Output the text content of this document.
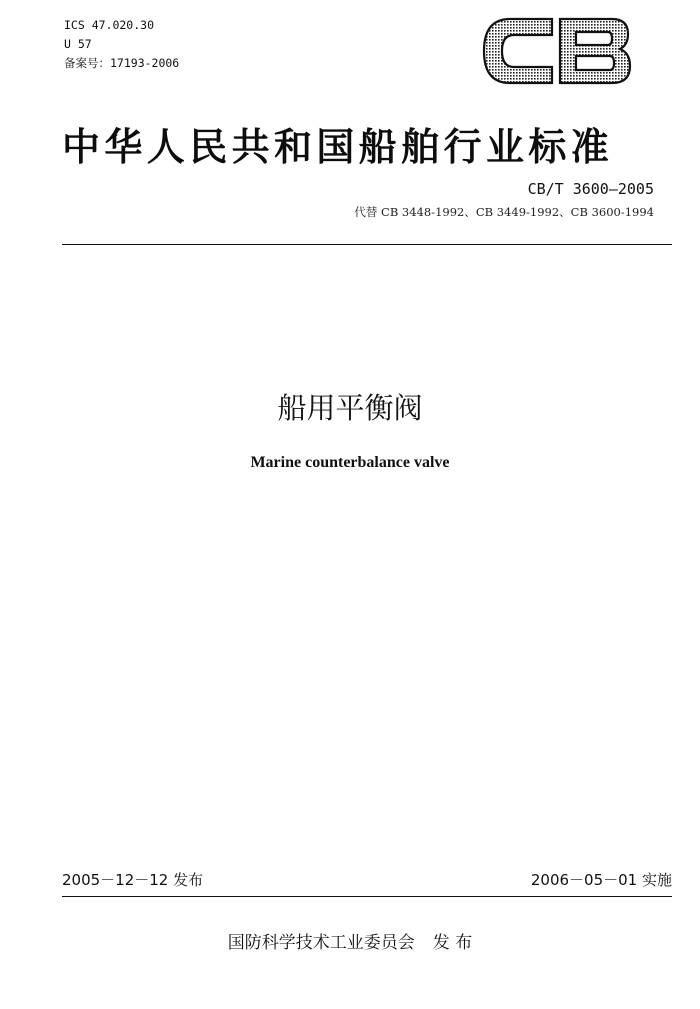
ICS 47.020.30
U 57
备案号：17193-2006
中华人民共和国船舶行业标准
CB/T 3600—2005
代替 CB 3448-1992、CB 3449-1992、CB 3600-1994
船用平衡阀
Marine counterbalance valve
2005－12－12 发布	2006－05－01 实施
国防科学技术工业委员会 发 布
